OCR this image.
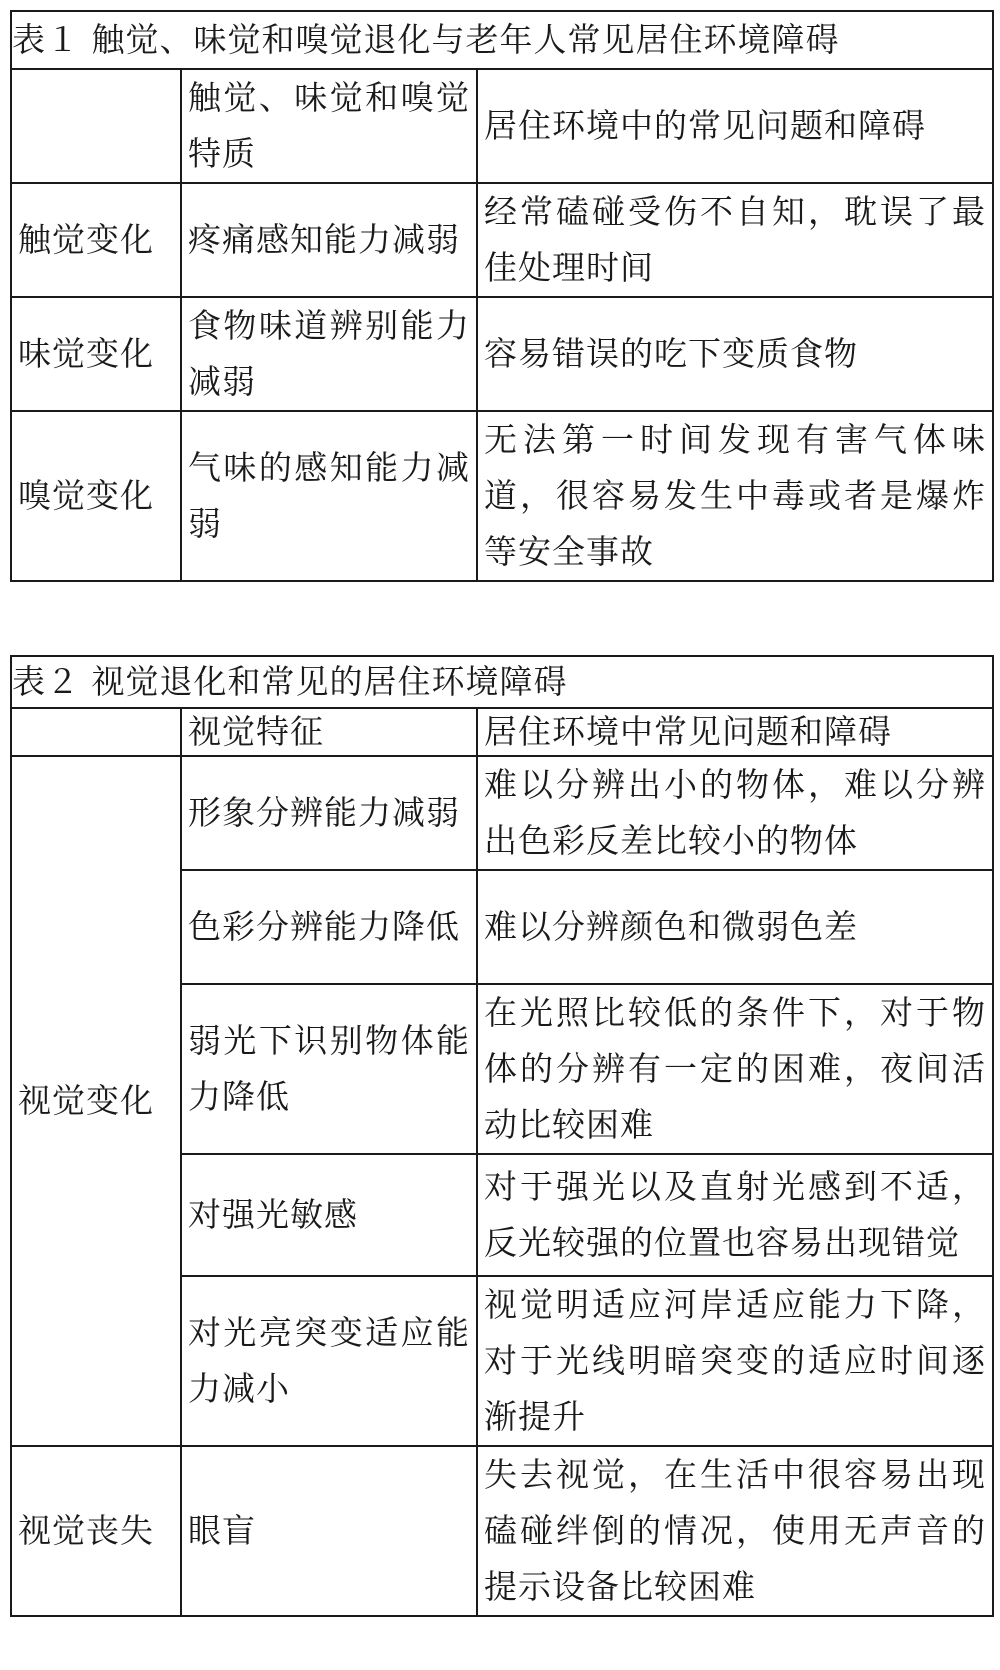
表１ 触觉、味觉和嗅觉退化与老年人常见居住环境障碍		
	触觉、味觉和嗅觉特质	居住环境中的常见问题和障碍
触觉变化	疼痛感知能力减弱	经常磕碰受伤不自知，耽误了最佳处理时间
味觉变化	食物味道辨别能力减弱	容易错误的吃下变质食物
嗅觉变化	气味的感知能力减弱	无法第一时间发现有害气体味道，很容易发生中毒或者是爆炸等安全事故
表２ 视觉退化和常见的居住环境障碍		
	视觉特征	居住环境中常见问题和障碍
视觉变化	形象分辨能力减弱	难以分辨出小的物体，难以分辨出色彩反差比较小的物体
	色彩分辨能力降低	难以分辨颜色和微弱色差
	弱光下识别物体能力降低	在光照比较低的条件下，对于物体的分辨有一定的困难，夜间活动比较困难
	对强光敏感	对于强光以及直射光感到不适，反光较强的位置也容易出现错觉
	对光亮突变适应能力减小	视觉明适应河岸适应能力下降，对于光线明暗突变的适应时间逐渐提升
视觉丧失	眼盲	失去视觉，在生活中很容易出现磕碰绊倒的情况，使用无声音的提示设备比较困难
